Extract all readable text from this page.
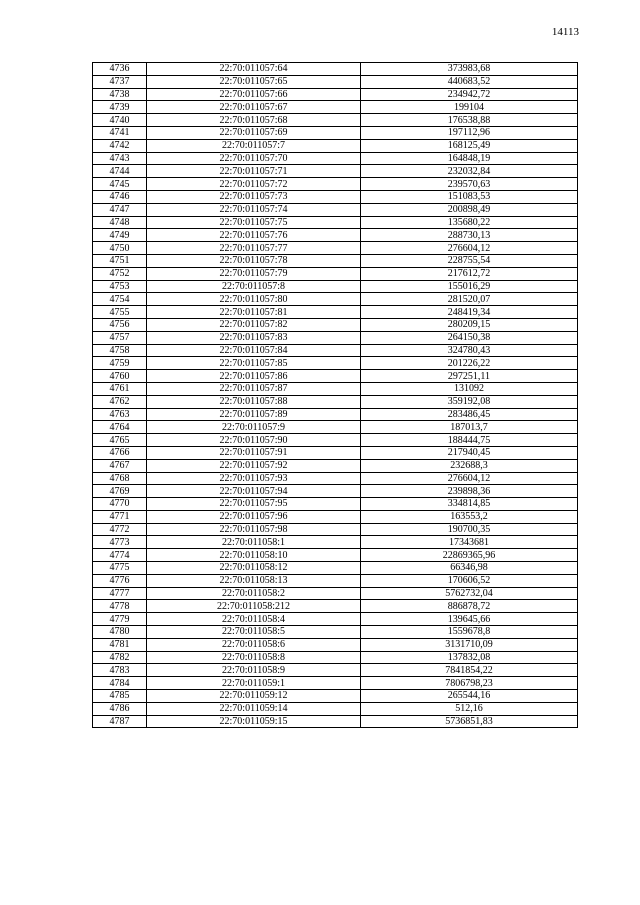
14113
4736	22:70:011057:64	373983,68
4737	22:70:011057:65	440683,52
4738	22:70:011057:66	234942,72
4739	22:70:011057:67	199104
4740	22:70:011057:68	176538,88
4741	22:70:011057:69	197112,96
4742	22:70:011057:7	168125,49
4743	22:70:011057:70	164848,19
4744	22:70:011057:71	232032,84
4745	22:70:011057:72	239570,63
4746	22:70:011057:73	151083,53
4747	22:70:011057:74	200898,49
4748	22:70:011057:75	135680,22
4749	22:70:011057:76	288730,13
4750	22:70:011057:77	276604,12
4751	22:70:011057:78	228755,54
4752	22:70:011057:79	217612,72
4753	22:70:011057:8	155016,29
4754	22:70:011057:80	281520,07
4755	22:70:011057:81	248419,34
4756	22:70:011057:82	280209,15
4757	22:70:011057:83	264150,38
4758	22:70:011057:84	324780,43
4759	22:70:011057:85	201226,22
4760	22:70:011057:86	297251,11
4761	22:70:011057:87	131092
4762	22:70:011057:88	359192,08
4763	22:70:011057:89	283486,45
4764	22:70:011057:9	187013,7
4765	22:70:011057:90	188444,75
4766	22:70:011057:91	217940,45
4767	22:70:011057:92	232688,3
4768	22:70:011057:93	276604,12
4769	22:70:011057:94	239898,36
4770	22:70:011057:95	334814,85
4771	22:70:011057:96	163553,2
4772	22:70:011057:98	190700,35
4773	22:70:011058:1	17343681
4774	22:70:011058:10	22869365,96
4775	22:70:011058:12	66346,98
4776	22:70:011058:13	170606,52
4777	22:70:011058:2	5762732,04
4778	22:70:011058:212	886878,72
4779	22:70:011058:4	139645,66
4780	22:70:011058:5	1559678,8
4781	22:70:011058:6	3131710,09
4782	22:70:011058:8	137832,08
4783	22:70:011058:9	7841854,22
4784	22:70:011059:1	7806798,23
4785	22:70:011059:12	265544,16
4786	22:70:011059:14	512,16
4787	22:70:011059:15	5736851,83
